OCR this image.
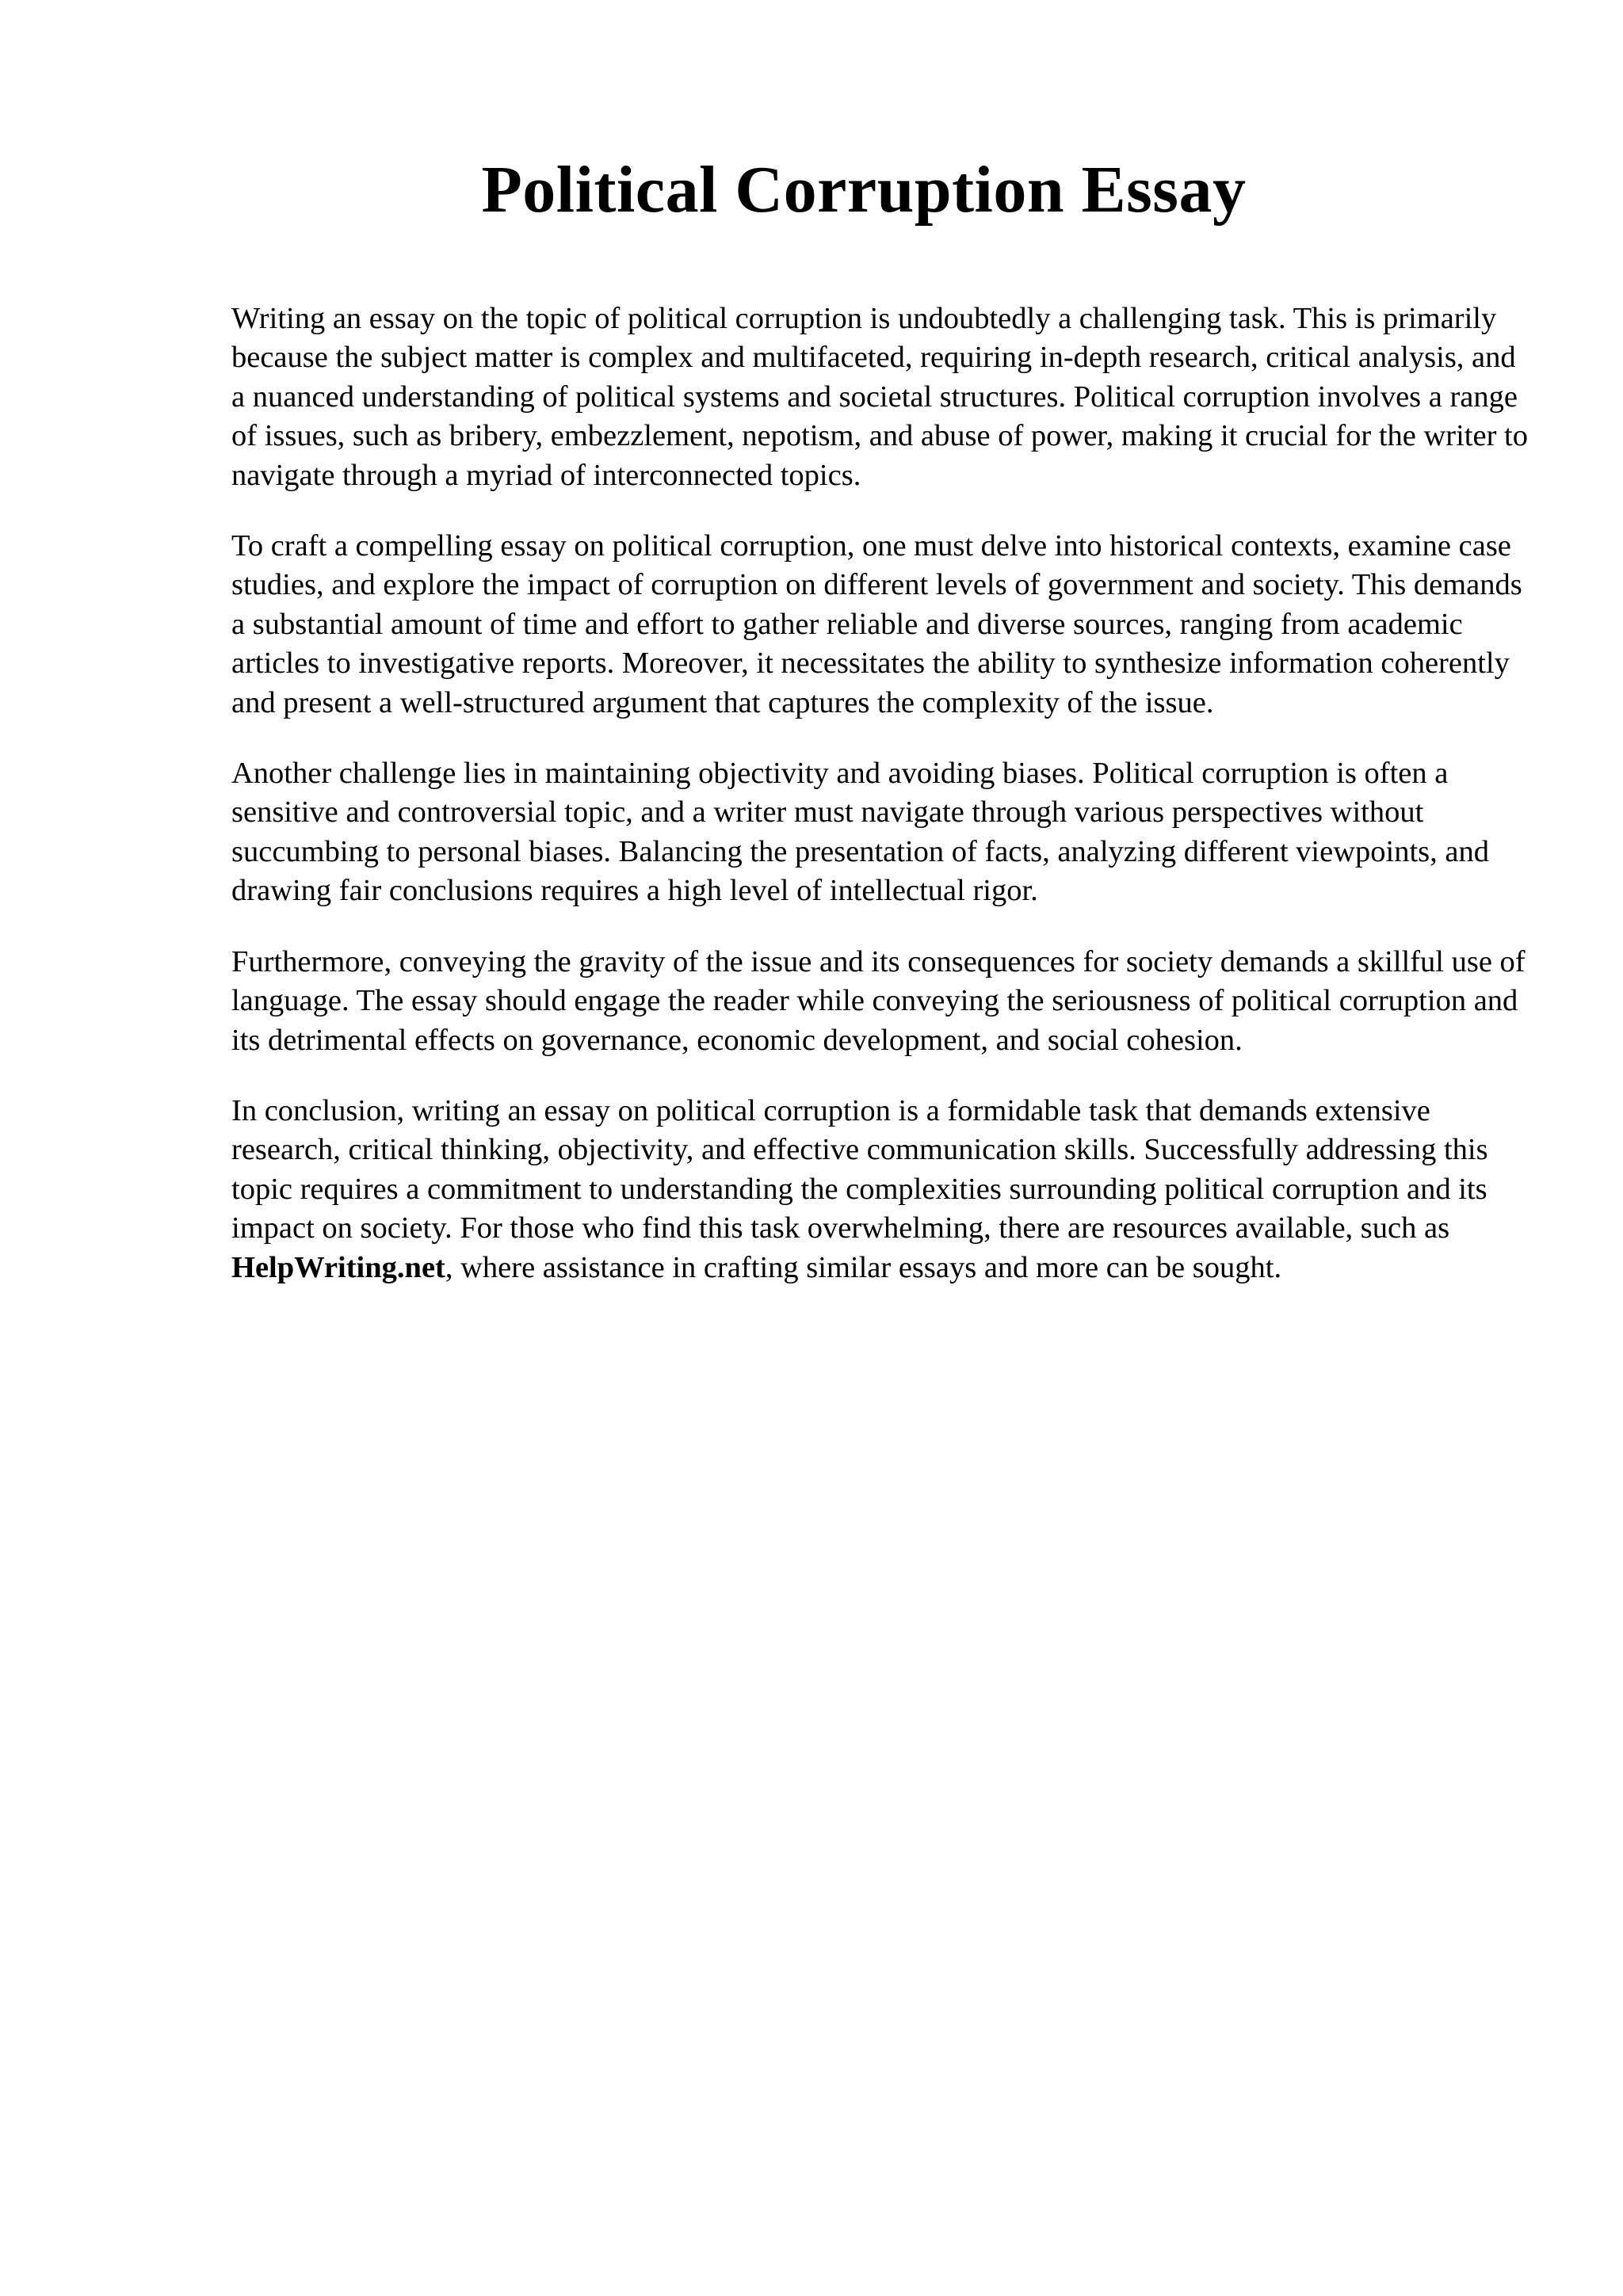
Political Corruption Essay

Writing an essay on the topic of political corruption is undoubtedly a challenging task. This is primarily because the subject matter is complex and multifaceted, requiring in-depth research, critical analysis, and a nuanced understanding of political systems and societal structures. Political corruption involves a range of issues, such as bribery, embezzlement, nepotism, and abuse of power, making it crucial for the writer to navigate through a myriad of interconnected topics.

To craft a compelling essay on political corruption, one must delve into historical contexts, examine case studies, and explore the impact of corruption on different levels of government and society. This demands a substantial amount of time and effort to gather reliable and diverse sources, ranging from academic articles to investigative reports. Moreover, it necessitates the ability to synthesize information coherently and present a well-structured argument that captures the complexity of the issue.

Another challenge lies in maintaining objectivity and avoiding biases. Political corruption is often a sensitive and controversial topic, and a writer must navigate through various perspectives without succumbing to personal biases. Balancing the presentation of facts, analyzing different viewpoints, and drawing fair conclusions requires a high level of intellectual rigor.

Furthermore, conveying the gravity of the issue and its consequences for society demands a skillful use of language. The essay should engage the reader while conveying the seriousness of political corruption and its detrimental effects on governance, economic development, and social cohesion.

In conclusion, writing an essay on political corruption is a formidable task that demands extensive research, critical thinking, objectivity, and effective communication skills. Successfully addressing this topic requires a commitment to understanding the complexities surrounding political corruption and its impact on society. For those who find this task overwhelming, there are resources available, such as HelpWriting.net, where assistance in crafting similar essays and more can be sought.
